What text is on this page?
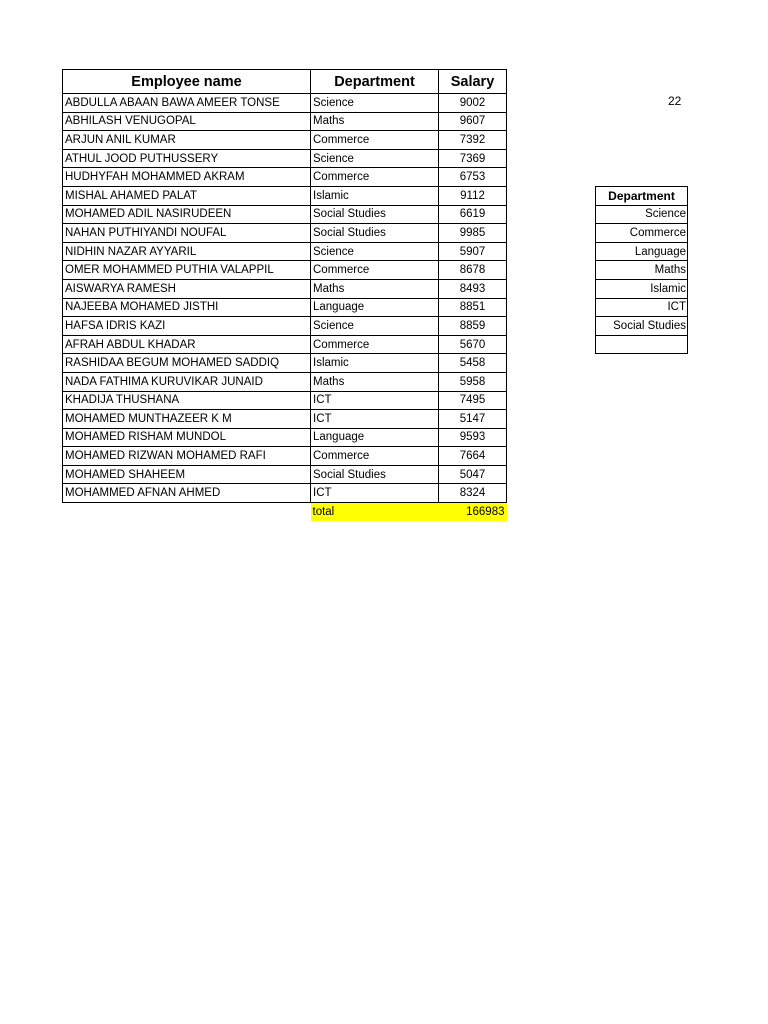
Employee name	Department	Salary
ABDULLA ABAAN BAWA AMEER TONSE	Science	9002
ABHILASH VENUGOPAL	Maths	9607
ARJUN ANIL KUMAR	Commerce	7392
ATHUL JOOD PUTHUSSERY	Science	7369
HUDHYFAH MOHAMMED AKRAM	Commerce	6753
MISHAL AHAMED PALAT	Islamic	9112
MOHAMED ADIL NASIRUDEEN	Social Studies	6619
NAHAN PUTHIYANDI NOUFAL	Social Studies	9985
NIDHIN NAZAR AYYARIL	Science	5907
OMER MOHAMMED PUTHIA VALAPPIL	Commerce	8678
AISWARYA RAMESH	Maths	8493
NAJEEBA MOHAMED JISTHI	Language	8851
HAFSA IDRIS KAZI	Science	8859
AFRAH ABDUL KHADAR	Commerce	5670
RASHIDAA BEGUM MOHAMED SADDIQ	Islamic	5458
NADA FATHIMA KURUVIKAR JUNAID	Maths	5958
KHADIJA THUSHANA	ICT	7495
MOHAMED MUNTHAZEER K M	ICT	5147
MOHAMED RISHAM MUNDOL	Language	9593
MOHAMED RIZWAN MOHAMED RAFI	Commerce	7664
MOHAMED SHAHEEM	Social Studies	5047
MOHAMMED AFNAN AHMED	ICT	8324
	total	166983
22
Department
Science
Commerce
Language
Maths
Islamic
ICT
Social Studies
